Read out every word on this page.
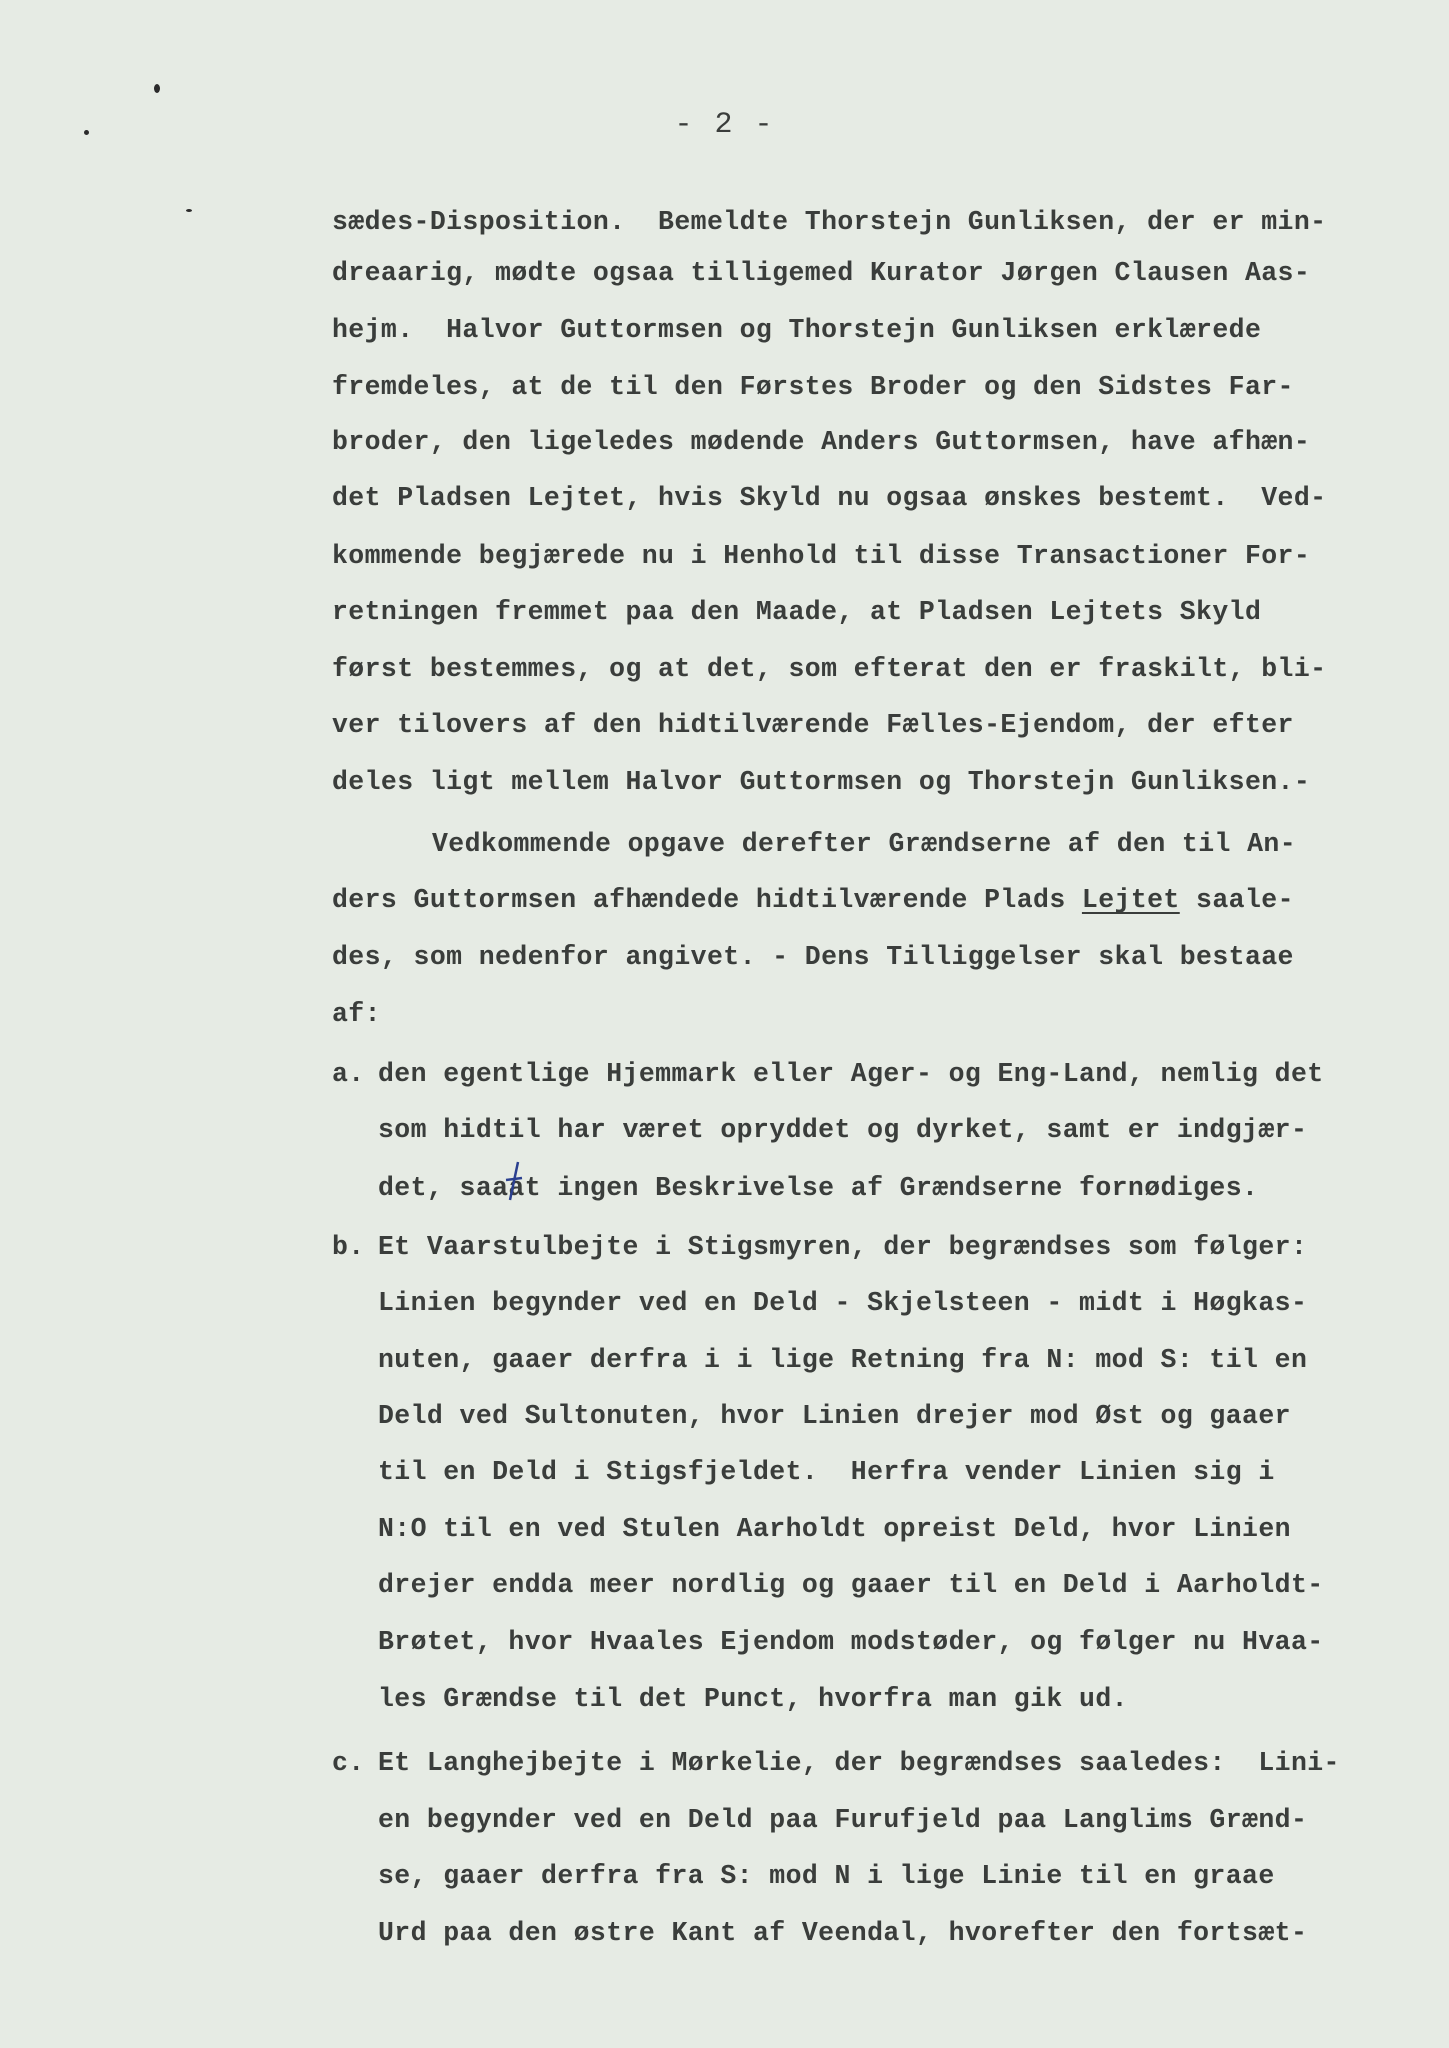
- 2 -
sædes-Disposition.  Bemeldte Thorstejn Gunliksen, der er min-
dreaarig, mødte ogsaa tilligemed Kurator Jørgen Clausen Aas-
hejm.  Halvor Guttormsen og Thorstejn Gunliksen erklærede
fremdeles, at de til den Førstes Broder og den Sidstes Far-
broder, den ligeledes mødende Anders Guttormsen, have afhæn-
det Pladsen Lejtet, hvis Skyld nu ogsaa ønskes bestemt.  Ved-
kommende begjærede nu i Henhold til disse Transactioner For-
retningen fremmet paa den Maade, at Pladsen Lejtets Skyld
først bestemmes, og at det, som efterat den er fraskilt, bli-
ver tilovers af den hidtilværende Fælles-Ejendom, der efter
deles ligt mellem Halvor Guttormsen og Thorstejn Gunliksen.-
Vedkommende opgave derefter Grændserne af den til An-
ders Guttormsen afhændede hidtilværende Plads Lejtet saale-
des, som nedenfor angivet. - Dens Tilliggelser skal bestaae
af:
a. den egentlige Hjemmark eller Ager- og Eng-Land, nemlig det
som hidtil har været opryddet og dyrket, samt er indgjær-
det, saaat ingen Beskrivelse af Grændserne fornødiges.
b. Et Vaarstulbejte i Stigsmyren, der begrændses som følger:
Linien begynder ved en Deld - Skjelsteen - midt i Høgkas-
nuten, gaaer derfra i i lige Retning fra N: mod S: til en
Deld ved Sultonuten, hvor Linien drejer mod Øst og gaaer
til en Deld i Stigsfjeldet.  Herfra vender Linien sig i
N:O til en ved Stulen Aarholdt opreist Deld, hvor Linien
drejer endda meer nordlig og gaaer til en Deld i Aarholdt-
Brøtet, hvor Hvaales Ejendom modstøder, og følger nu Hvaa-
les Grændse til det Punct, hvorfra man gik ud.
c. Et Langhejbejte i Mørkelie, der begrændses saaledes:  Lini-
en begynder ved en Deld paa Furufjeld paa Langlims Grænd-
se, gaaer derfra fra S: mod N i lige Linie til en graae
Urd paa den østre Kant af Veendal, hvorefter den fortsæt-
